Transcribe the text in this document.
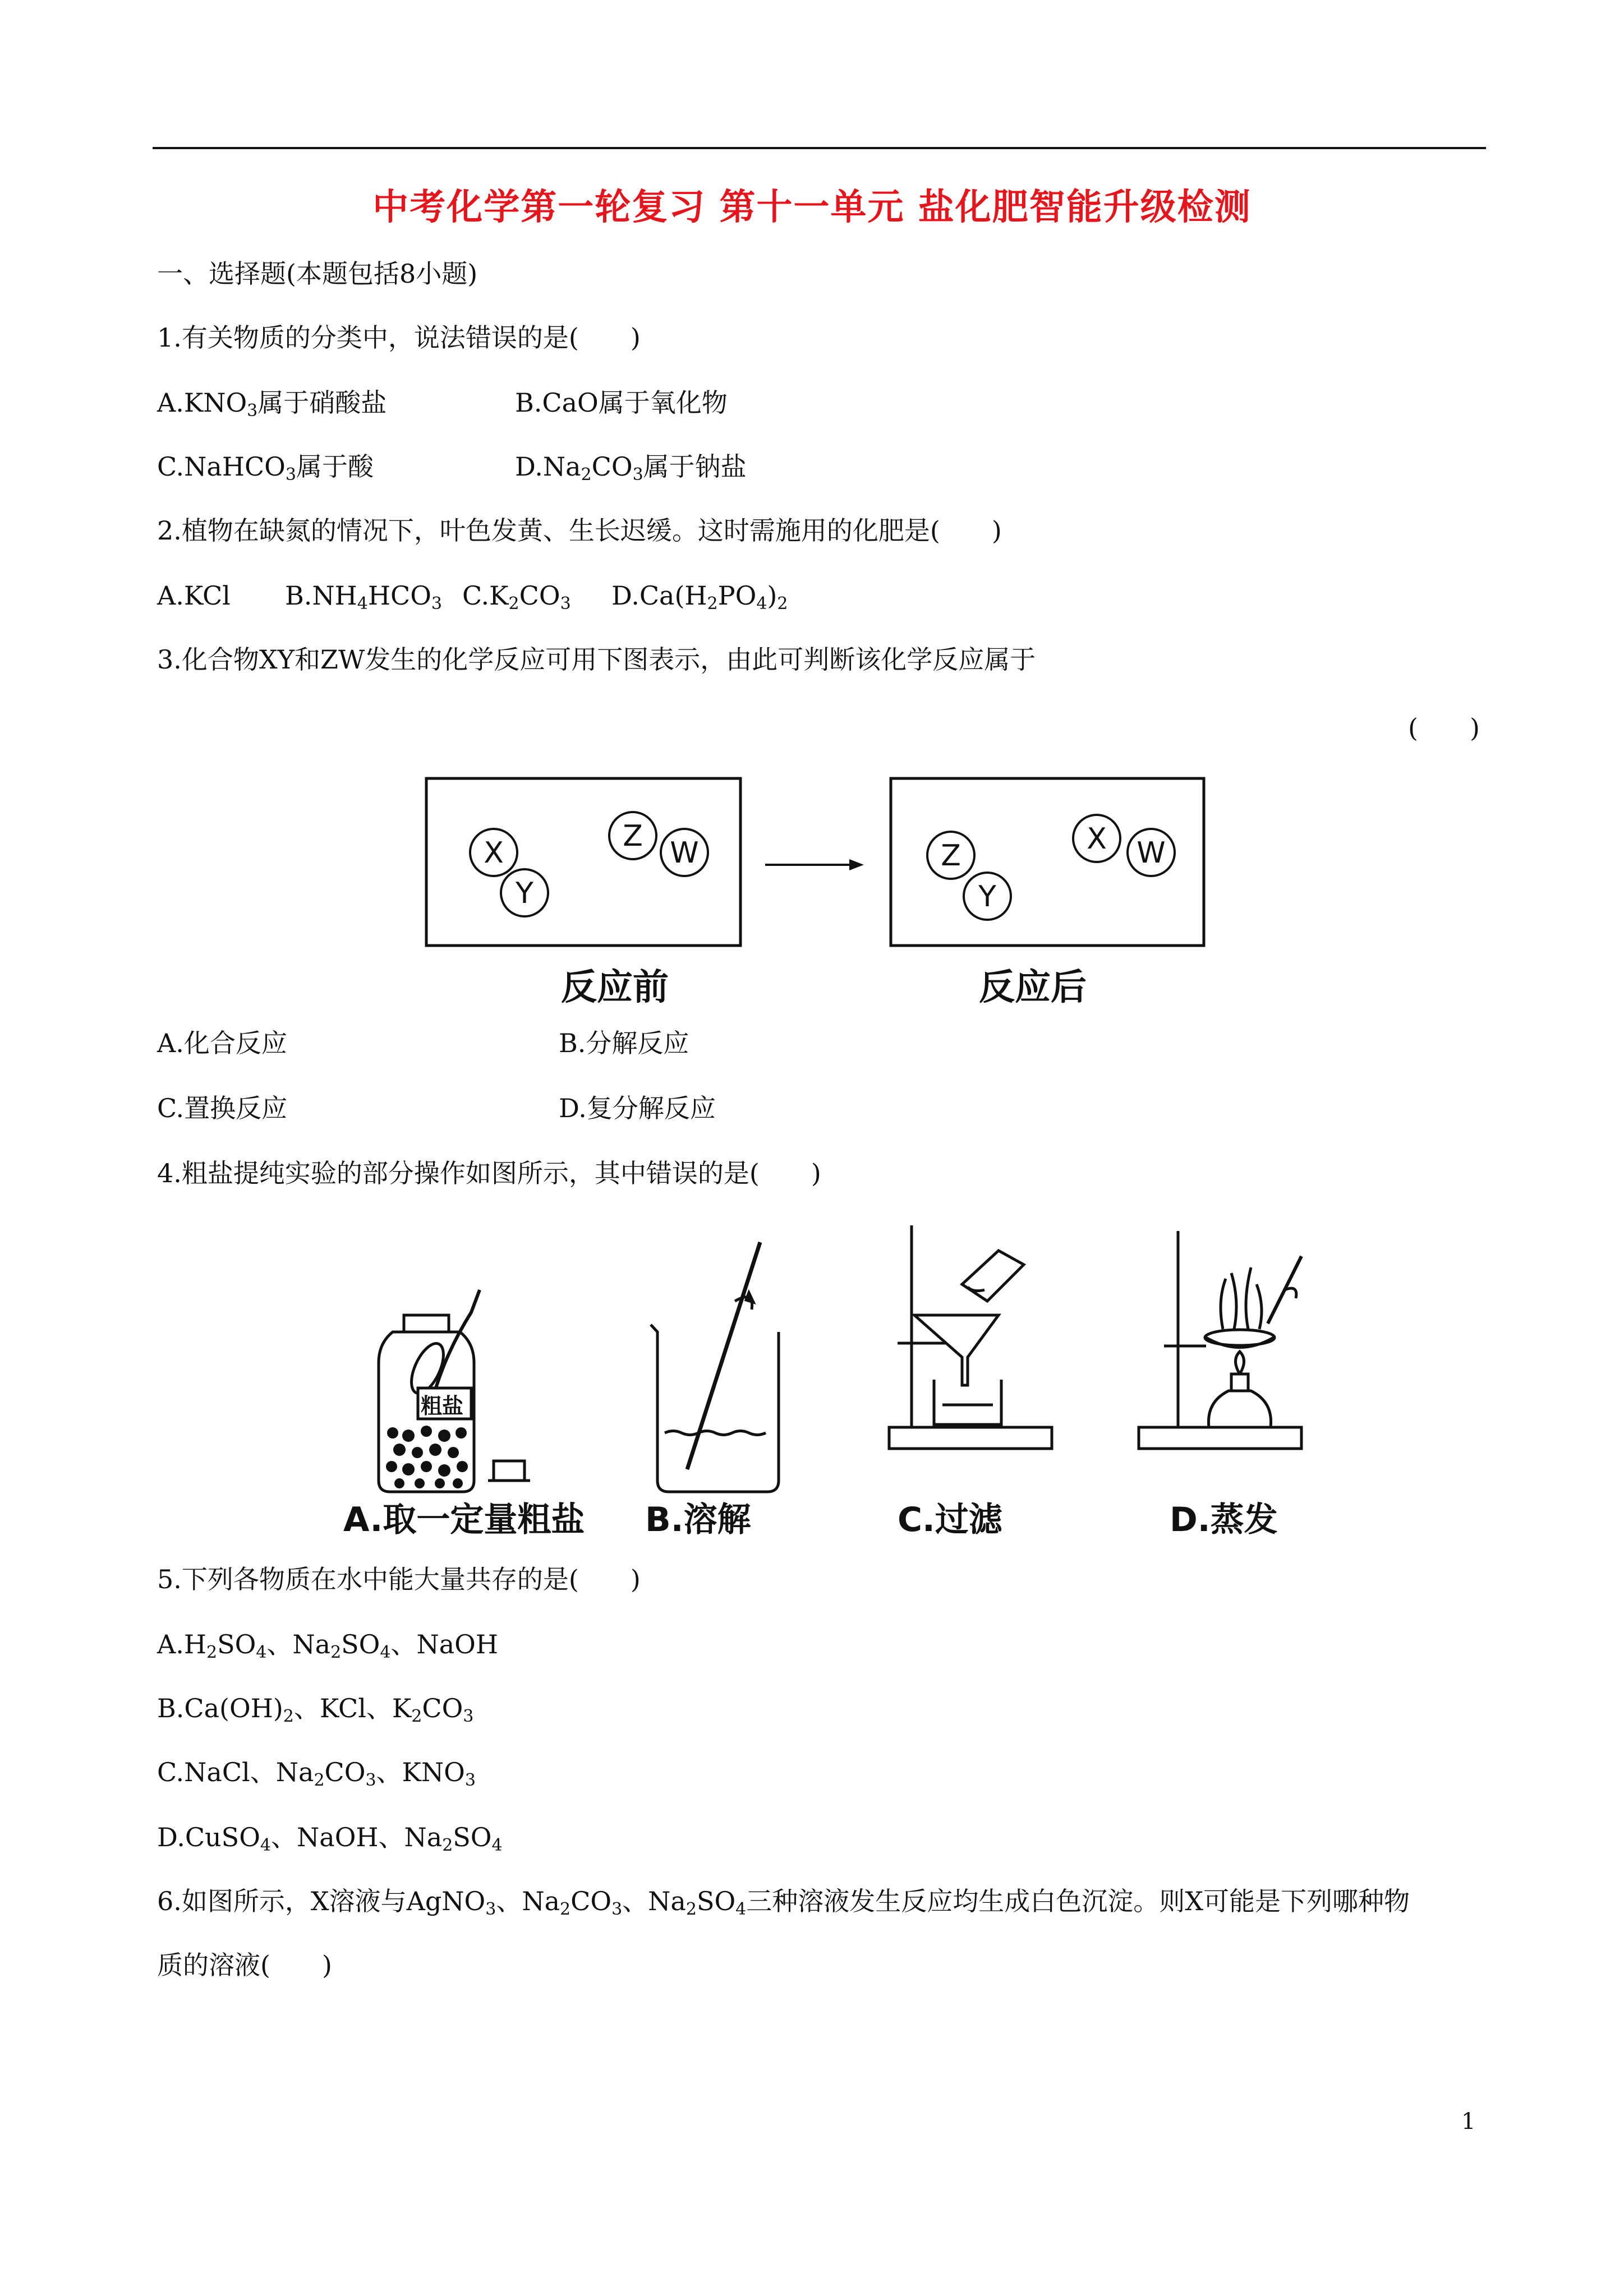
中考化学第一轮复习 第十一单元 盐化肥智能升级检测
一、选择题(本题包括8小题)
1.有关物质的分类中，说法错误的是(　　)
$A.KNO_3$属于硝酸盐	B.CaO属于氧化物
C.NaHCO$_3$属于酸	$D.Na_2CO_3$属于钠盐
2.植物在缺氮的情况下，叶色发黄、生长迟缓。这时需施用的化肥是(　　)
A.KCl $B.NH_4HCO_3$ $C.K_2CO_3$ $D.Ca(H_2PO_4)_2$
3.化合物XY和ZW发生的化学反应可用下图表示，由此可判断该化学反应属于
(　　)
X
Y
Z W	Z
Y
X W
反应前	反应后
A.化合反应	B.分解反应
C.置换反应	D.复分解反应
4.粗盐提纯实验的部分操作如图所示，其中错误的是(　　)
粗盐
A.取一定量粗盐 B.溶解	C.过滤	D.蒸发
5.下列各物质在水中能大量共存的是(　　)
$A.H_2SO_4$、$Na_2SO_4$、NaOH
$B.Ca(OH)_2$、KCl、$K_2CO_3$
C.NaCl、$Na_2CO_3$、$KNO_3$
D.CuSO$_4$、NaOH、$Na_2SO_4$
6.如图所示，X溶液与AgNO$_3$、$Na_2CO_3$、$Na_2SO_4$三种溶液发生反应均生成白色沉淀。则X可能是下列哪种物
质的溶液(　　)
1
